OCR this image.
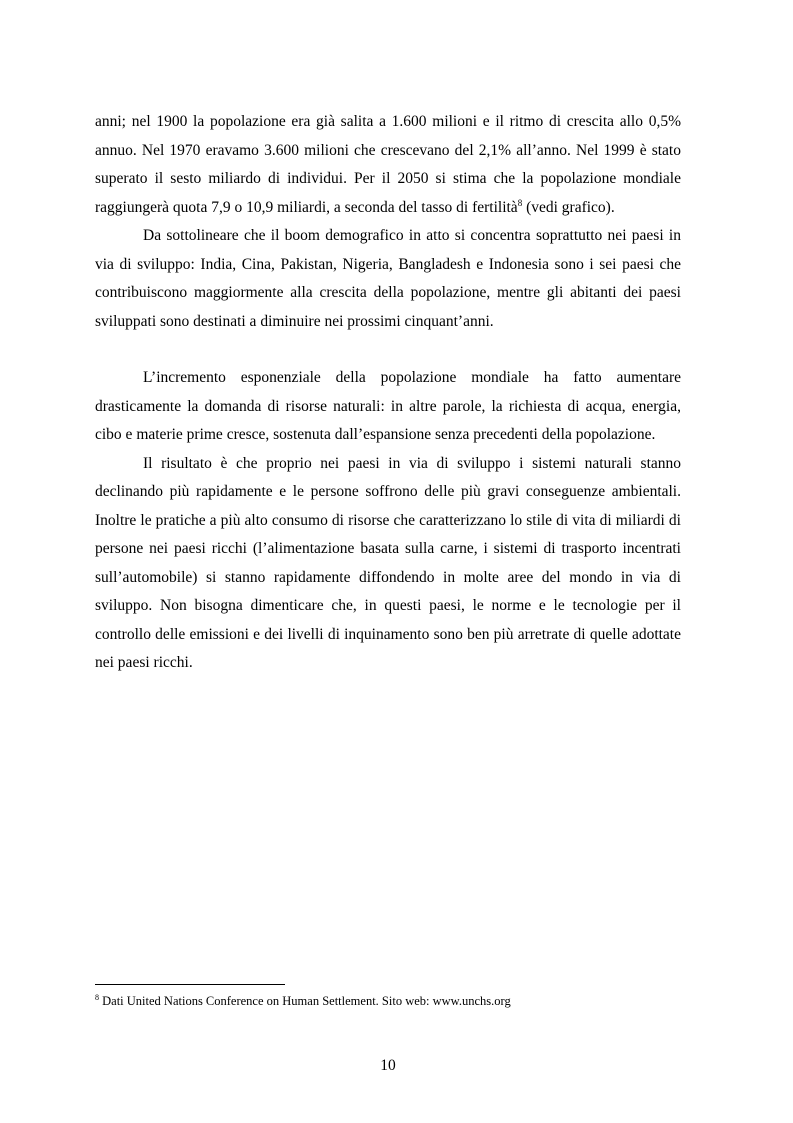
anni; nel 1900 la popolazione era già salita a 1.600 milioni e il ritmo di crescita allo 0,5% annuo. Nel 1970 eravamo 3.600 milioni che crescevano del 2,1% all’anno. Nel 1999 è stato superato il sesto miliardo di individui. Per il 2050 si stima che la popolazione mondiale raggiungerà quota 7,9 o 10,9 miliardi, a seconda del tasso di fertilità$^8$ (vedi grafico).

Da sottolineare che il boom demografico in atto si concentra soprattutto nei paesi in via di sviluppo: India, Cina, Pakistan, Nigeria, Bangladesh e Indonesia sono i sei paesi che contribuiscono maggiormente alla crescita della popolazione, mentre gli abitanti dei paesi sviluppati sono destinati a diminuire nei prossimi cinquant’anni.

L’incremento esponenziale della popolazione mondiale ha fatto aumentare drasticamente la domanda di risorse naturali: in altre parole, la richiesta di acqua, energia, cibo e materie prime cresce, sostenuta dall’espansione senza precedenti della popolazione.

Il risultato è che proprio nei paesi in via di sviluppo i sistemi naturali stanno declinando più rapidamente e le persone soffrono delle più gravi conseguenze ambientali. Inoltre le pratiche a più alto consumo di risorse che caratterizzano lo stile di vita di miliardi di persone nei paesi ricchi (l’alimentazione basata sulla carne, i sistemi di trasporto incentrati sull’automobile) si stanno rapidamente diffondendo in molte aree del mondo in via di sviluppo. Non bisogna dimenticare che, in questi paesi, le norme e le tecnologie per il controllo delle emissioni e dei livelli di inquinamento sono ben più arretrate di quelle adottate nei paesi ricchi.

$^8$ Dati United Nations Conference on Human Settlement. Sito web: www.unchs.org
10
